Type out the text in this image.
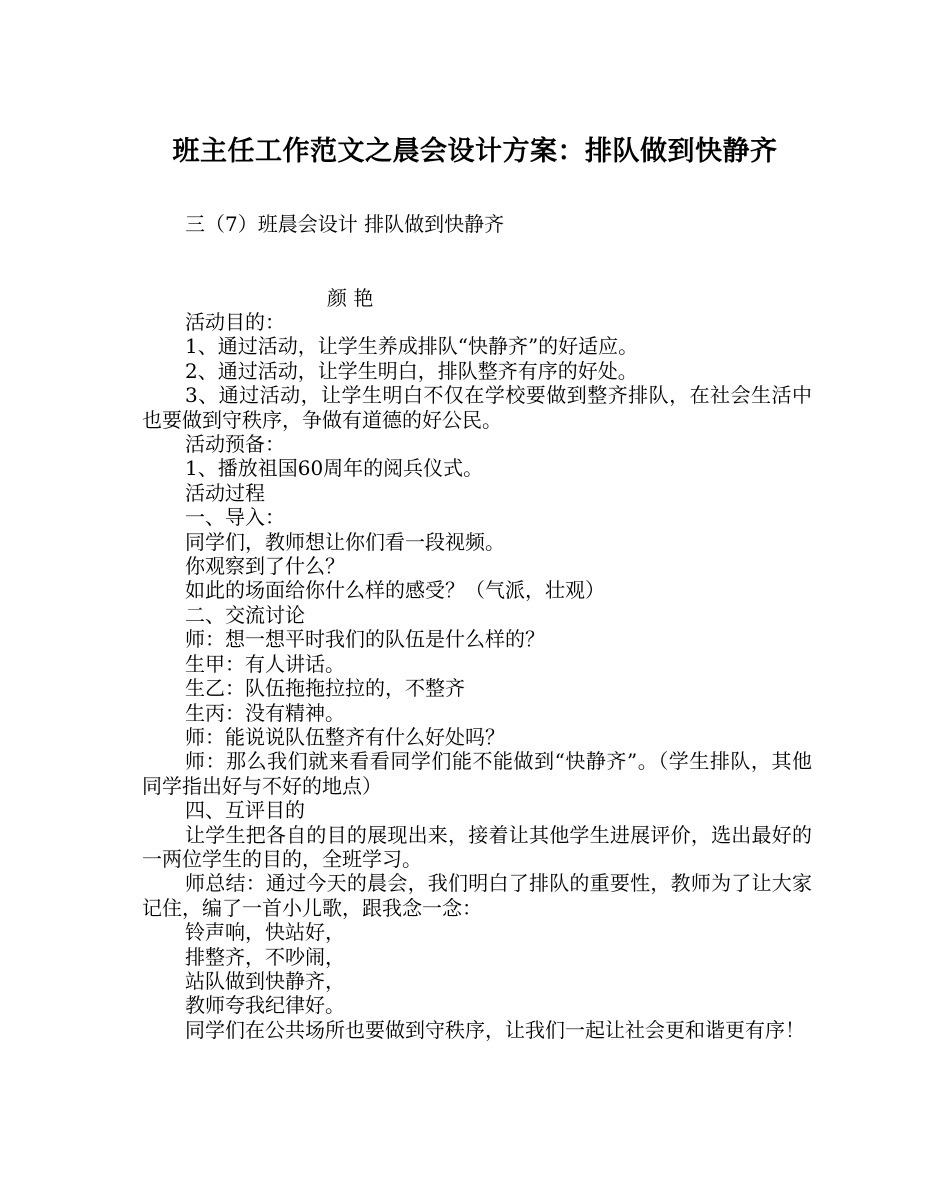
班主任工作范文之晨会设计方案：排队做到快静齐
三（7）班晨会设计 排队做到快静齐
颜 艳

活动目的：

1、通过活动，让学生养成排队“快静齐”的好适应。

2、通过活动，让学生明白，排队整齐有序的好处。

3、通过活动，让学生明白不仅在学校要做到整齐排队，在社会生活中也要做到守秩序，争做有道德的好公民。

活动预备：

1、播放祖国60周年的阅兵仪式。

活动过程

一、导入：

同学们，教师想让你们看一段视频。

你观察到了什么？

如此的场面给你什么样的感受？（气派，壮观）

二、交流讨论

师：想一想平时我们的队伍是什么样的？

生甲：有人讲话。

生乙：队伍拖拖拉拉的，不整齐

生丙：没有精神。

师：能说说队伍整齐有什么好处吗？

师：那么我们就来看看同学们能不能做到“快静齐”。（学生排队，其他同学指出好与不好的地点）

四、互评目的

让学生把各自的目的展现出来，接着让其他学生进展评价，选出最好的一两位学生的目的，全班学习。

师总结：通过今天的晨会，我们明白了排队的重要性，教师为了让大家记住，编了一首小儿歌，跟我念一念：

铃声响，快站好，

排整齐，不吵闹，

站队做到快静齐，

教师夸我纪律好。

同学们在公共场所也要做到守秩序，让我们一起让社会更和谐更有序！
